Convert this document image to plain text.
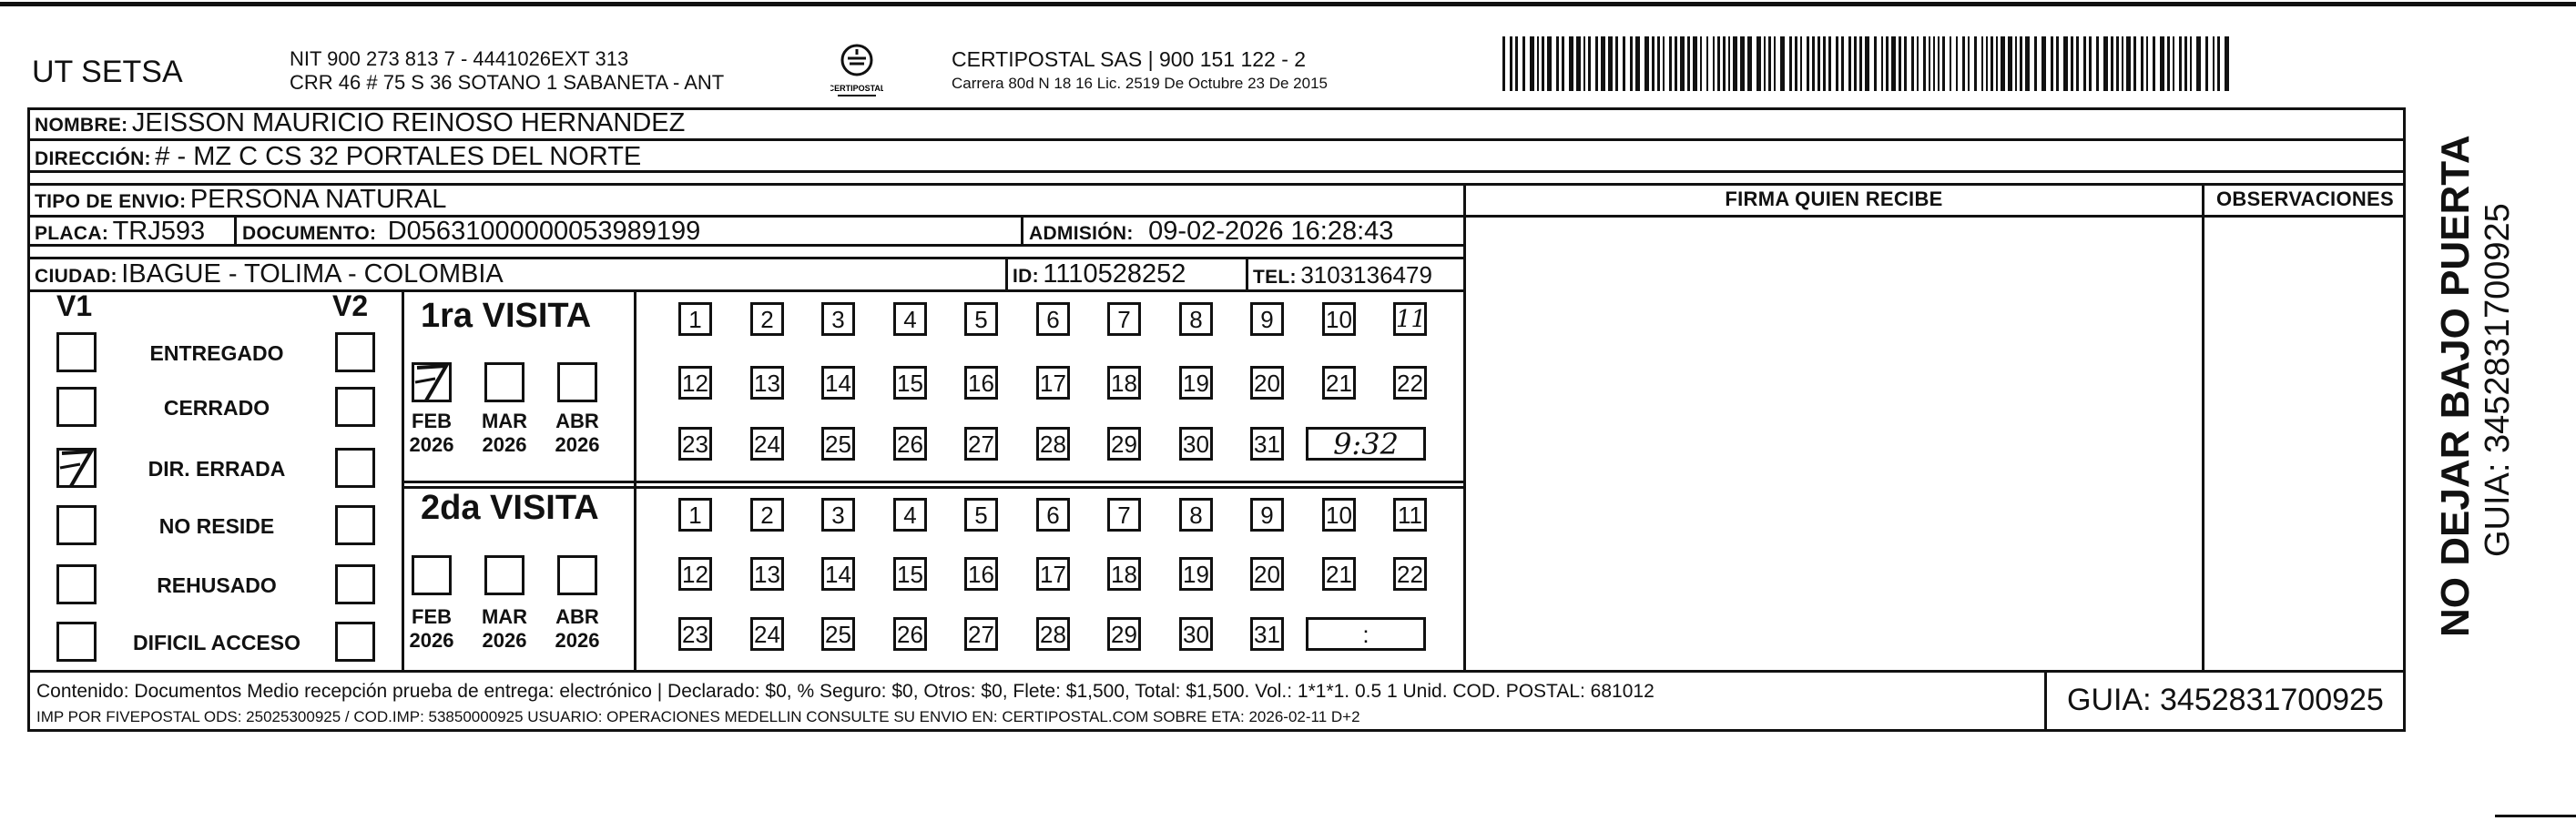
UT SETSA	NIT 900 273 813 7 - 4441026EXT 313
CRR 46 # 75 S 36 SOTANO 1 SABANETA - ANT	CERTIPOSTAL
CERTIPOSTAL SAS | 900 151 122 - 2
Carrera 80d N 18 16 Lic. 2519 De Octubre 23 De 2015
NOMBRE: JEISSON MAURICIO REINOSO HERNANDEZ
DIRECCIÓN: # - MZ C CS 32 PORTALES DEL NORTE
TIPO DE ENVIO: PERSONA NATURAL	FIRMA QUIEN RECIBE	OBSERVACIONES
PLACA: TRJ593 DOCUMENTO: D05631000000053989199	ADMISIÓN: 09-02-2026 16:28:43
CIUDAD: IBAGUE - TOLIMA - COLOMBIA	ID: 1110528252	TEL: 3103136479
V1	V2
ENTREGADO
CERRADO
DIR. ERRADA
NO RESIDE
REHUSADO
DIFICIL ACCESO
1ra VISITA
FEB
2026
MAR
2026
ABR
2026
1	2	3	4	5	6	7	8	9	10 11
12 13 14 15 16 17 18 19 20 21 22
23 24 25 26 27 28 29 30 31	9:32
2da VISITA
FEB
2026
MAR
2026
ABR
2026
1	2	3	4	5	6	7	8	9	10 11
12 13 14 15 16 17 18 19 20 21 22
23 24 25 26 27 28 29 30 31	:
Contenido: Documentos Medio recepción prueba de entrega: electrónico | Declarado: $0, % Seguro: $0, Otros: $0, Flete: $1,500, Total: $1,500. Vol.: 1*1*1. 0.5 1 Unid. COD. POSTAL: 681012
IMP POR FIVEPOSTAL ODS: 25025300925 / COD.IMP: 53850000925 USUARIO: OPERACIONES MEDELLIN CONSULTE SU ENVIO EN: CERTIPOSTAL.COM SOBRE ETA: 2026-02-11 D+2	GUIA: 3452831700925
NO DEJAR BAJO PUERTA GUIA: 3452831700925
